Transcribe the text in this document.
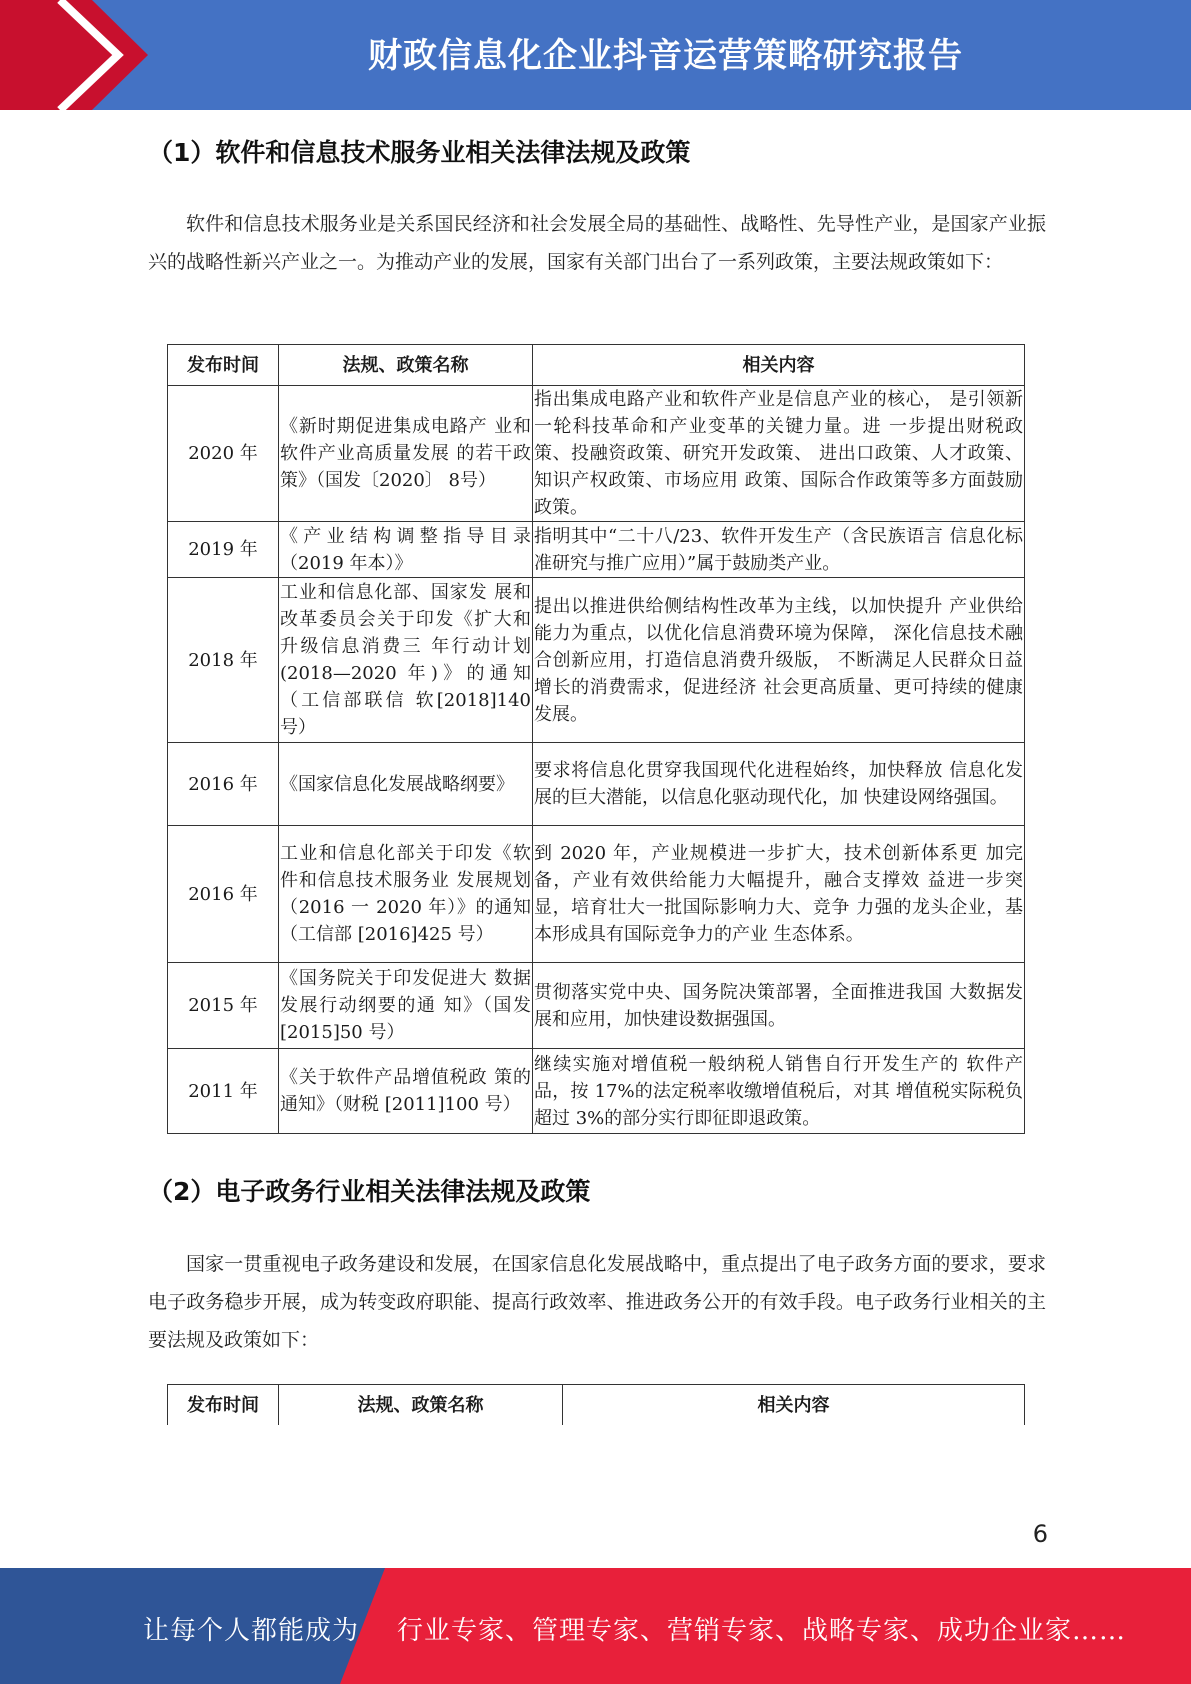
财政信息化企业抖音运营策略研究报告
（1）软件和信息技术服务业相关法律法规及政策
软件和信息技术服务业是关系国民经济和社会发展全局的基础性、战略性、先导性产业，是国家产业振兴的战略性新兴产业之一。为推动产业的发展，国家有关部门出台了一系列政策，主要法规政策如下：
发布时间	法规、政策名称	相关内容
2020 年	《新时期促进集成电路产 业和软件产业高质量发展 的若干政策》（国发〔2020〕 8号）	指出集成电路产业和软件产业是信息产业的核心， 是引领新一轮科技革命和产业变革的关键力量。进 一步提出财税政策、投融资政策、研究开发政策、 进出口政策、人才政策、知识产权政策、市场应用 政策、国际合作政策等多方面鼓励政策。
2019 年	《产业结构调整指导目录（2019 年本）》	指明其中“二十八/23、软件开发生产（含民族语言 信息化标准研究与推广应用）”属于鼓励类产业。
2018 年	工业和信息化部、国家发 展和改革委员会关于印发《扩大和升级信息消费三 年行动计划(2018—2020 年)》的通知（工信部联信 软[2018]140 号）	提出以推进供给侧结构性改革为主线，以加快提升 产业供给能力为重点，以优化信息消费环境为保障， 深化信息技术融合创新应用，打造信息消费升级版， 不断满足人民群众日益增长的消费需求，促进经济 社会更高质量、更可持续的健康发展。
2016 年	《国家信息化发展战略纲要》	要求将信息化贯穿我国现代化进程始终，加快释放 信息化发展的巨大潜能，以信息化驱动现代化，加 快建设网络强国。
2016 年	工业和信息化部关于印发《软件和信息技术服务业 发展规划（2016 一 2020 年）》的通知（工信部 [2016]425 号）	到 2020 年，产业规模进一步扩大，技术创新体系更 加完备，产业有效供给能力大幅提升，融合支撑效 益进一步突显，培育壮大一批国际影响力大、竞争 力强的龙头企业，基本形成具有国际竞争力的产业 生态体系。
2015 年	《国务院关于印发促进大 数据发展行动纲要的通 知》（国发[2015]50 号）	贯彻落实党中央、国务院决策部署，全面推进我国 大数据发展和应用，加快建设数据强国。
2011 年	《关于软件产品增值税政 策的通知》（财税 [2011]100 号）	继续实施对增值税一般纳税人销售自行开发生产的 软件产品，按 17%的法定税率收缴增值税后，对其 增值税实际税负超过 3%的部分实行即征即退政策。
（2）电子政务行业相关法律法规及政策
国家一贯重视电子政务建设和发展，在国家信息化发展战略中，重点提出了电子政务方面的要求，要求电子政务稳步开展，成为转变政府职能、提高行政效率、推进政务公开的有效手段。电子政务行业相关的主要法规及政策如下：
发布时间	法规、政策名称	相关内容
6
让每个人都能成为 行业专家、管理专家、营销专家、战略专家、成功企业家……
